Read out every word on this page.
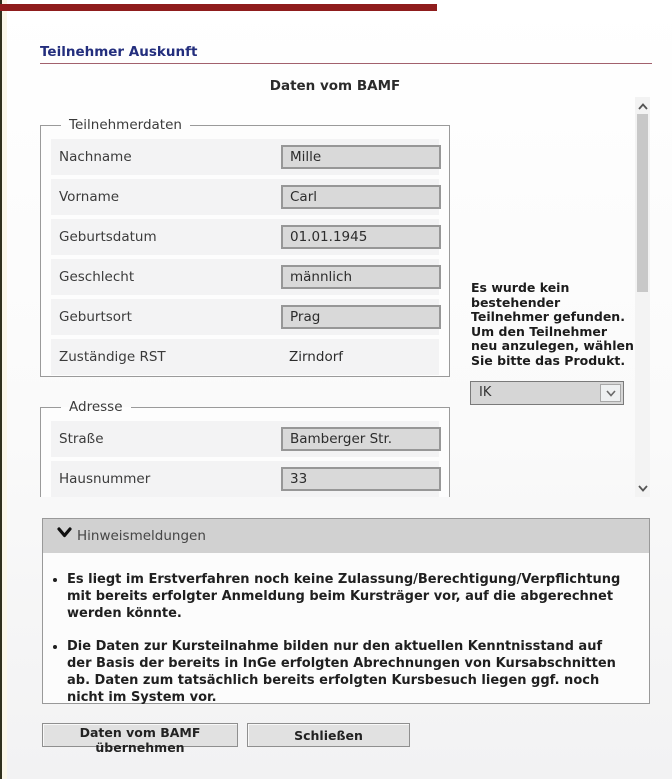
Teilnehmer Auskunft
Daten vom BAMF
Teilnehmerdaten
Nachname
Mille
Vorname
Carl
Geburtsdatum
01.01.1945
Geschlecht
männlich
Geburtsort
Prag
Zuständige RST	Zirndorf
Adresse
Straße
Bamberger Str.
Hausnummer
33
Es wurde kein bestehender Teilnehmer gefunden. Um den Teilnehmer neu anzulegen, wählen Sie bitte das Produkt.
IK
Hinweismeldungen
• Es liegt im Erstverfahren noch keine Zulassung/Berechtigung/Verpflichtung mit bereits erfolgter Anmeldung beim Kursträger vor, auf die abgerechnet werden könnte.
• Die Daten zur Kursteilnahme bilden nur den aktuellen Kenntnisstand auf der Basis der bereits in InGe erfolgten Abrechnungen von Kursabschnitten ab. Daten zum tatsächlich bereits erfolgten Kursbesuch liegen ggf. noch nicht im System vor.
Daten vom BAMF übernehmen
Schließen
